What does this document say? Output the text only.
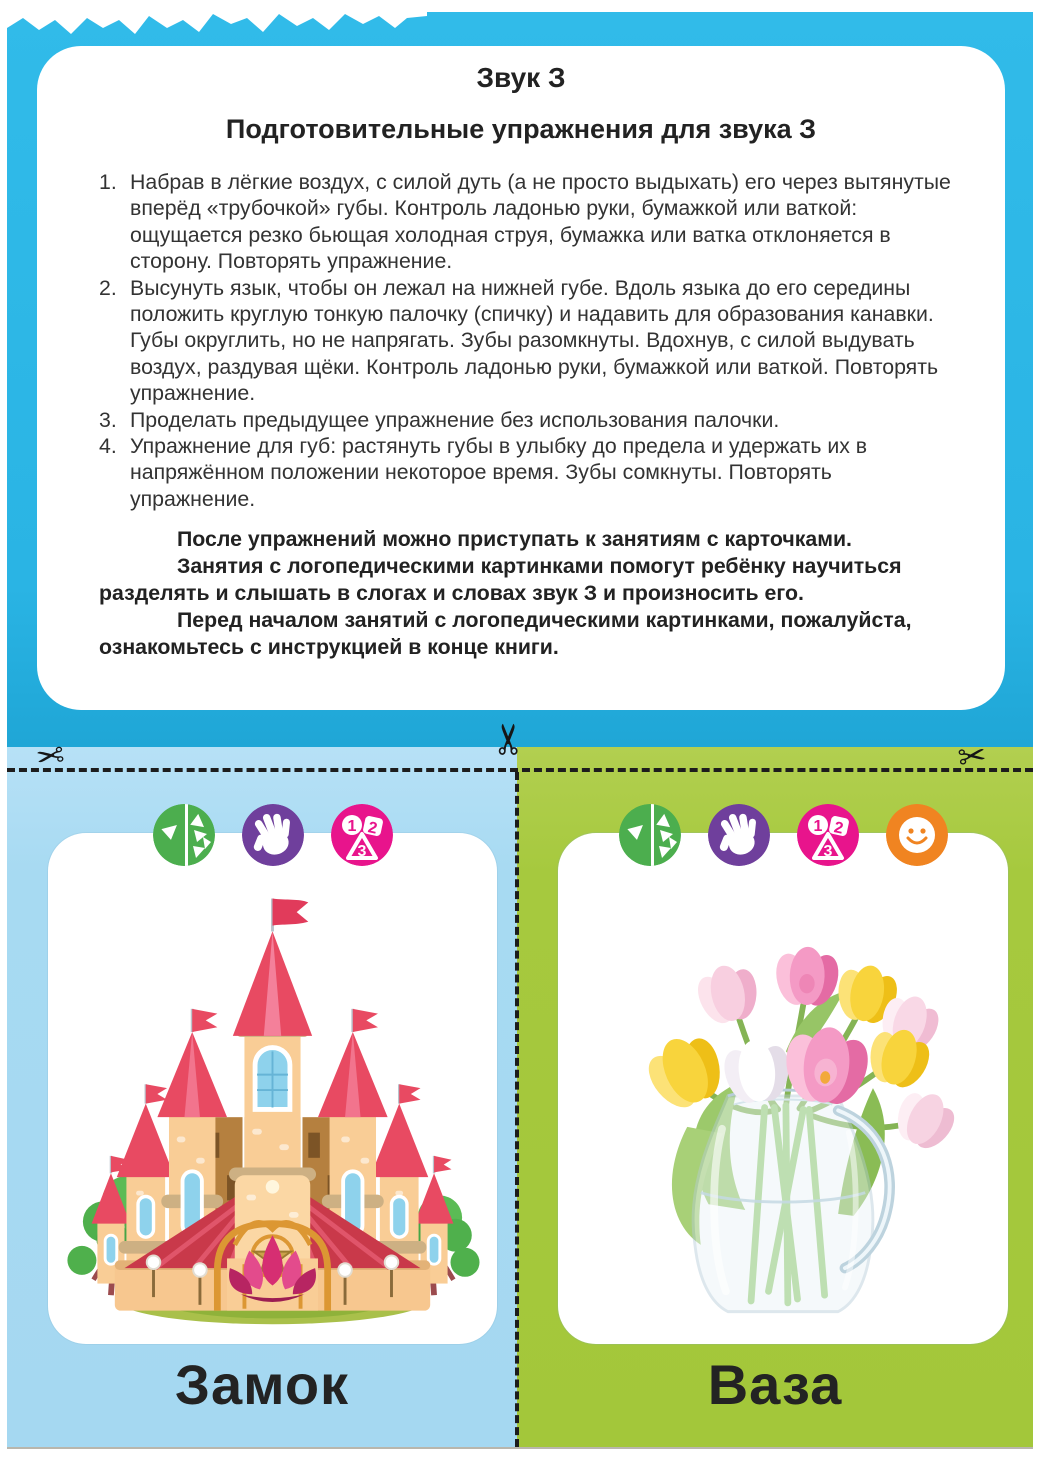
Звук З
Подготовительные упражнения для звука З
1. Набрав в лёгкие воздух, с силой дуть (а не просто выдыхать) его через вытянутые вперёд «трубочкой» губы. Контроль ладонью руки, бумажкой или ваткой: ощущается резко бьющая холодная струя, бумажка или ватка отклоняется в сторону. Повторять упражнение.
2. Высунуть язык, чтобы он лежал на нижней губе. Вдоль языка до его середины положить круглую тонкую палочку (спичку) и надавить для образования канавки. Губы округлить, но не напрягать. Зубы разомкнуты. Вдохнув, с силой выдувать воздух, раздувая щёки. Контроль ладонью руки, бумажкой или ваткой. Повторять упражнение.
3. Проделать предыдущее упражнение без использования палочки.
4. Упражнение для губ: растянуть губы в улыбку до предела и удержать их в напряжённом положении некоторое время. Зубы сомкнуты. Повторять упражнение.

После упражнений можно приступать к занятиям с карточками.

Занятия с логопедическими картинками помогут ребёнку научиться разделять и слышать в слогах и словах звук З и произносить его.

Перед началом занятий с логопедическими картинками, пожалуйста, ознакомьтесь с инструкцией в конце книги.

✂	✂	✂
1 2
3
1 2
3
Замок	Ваза
